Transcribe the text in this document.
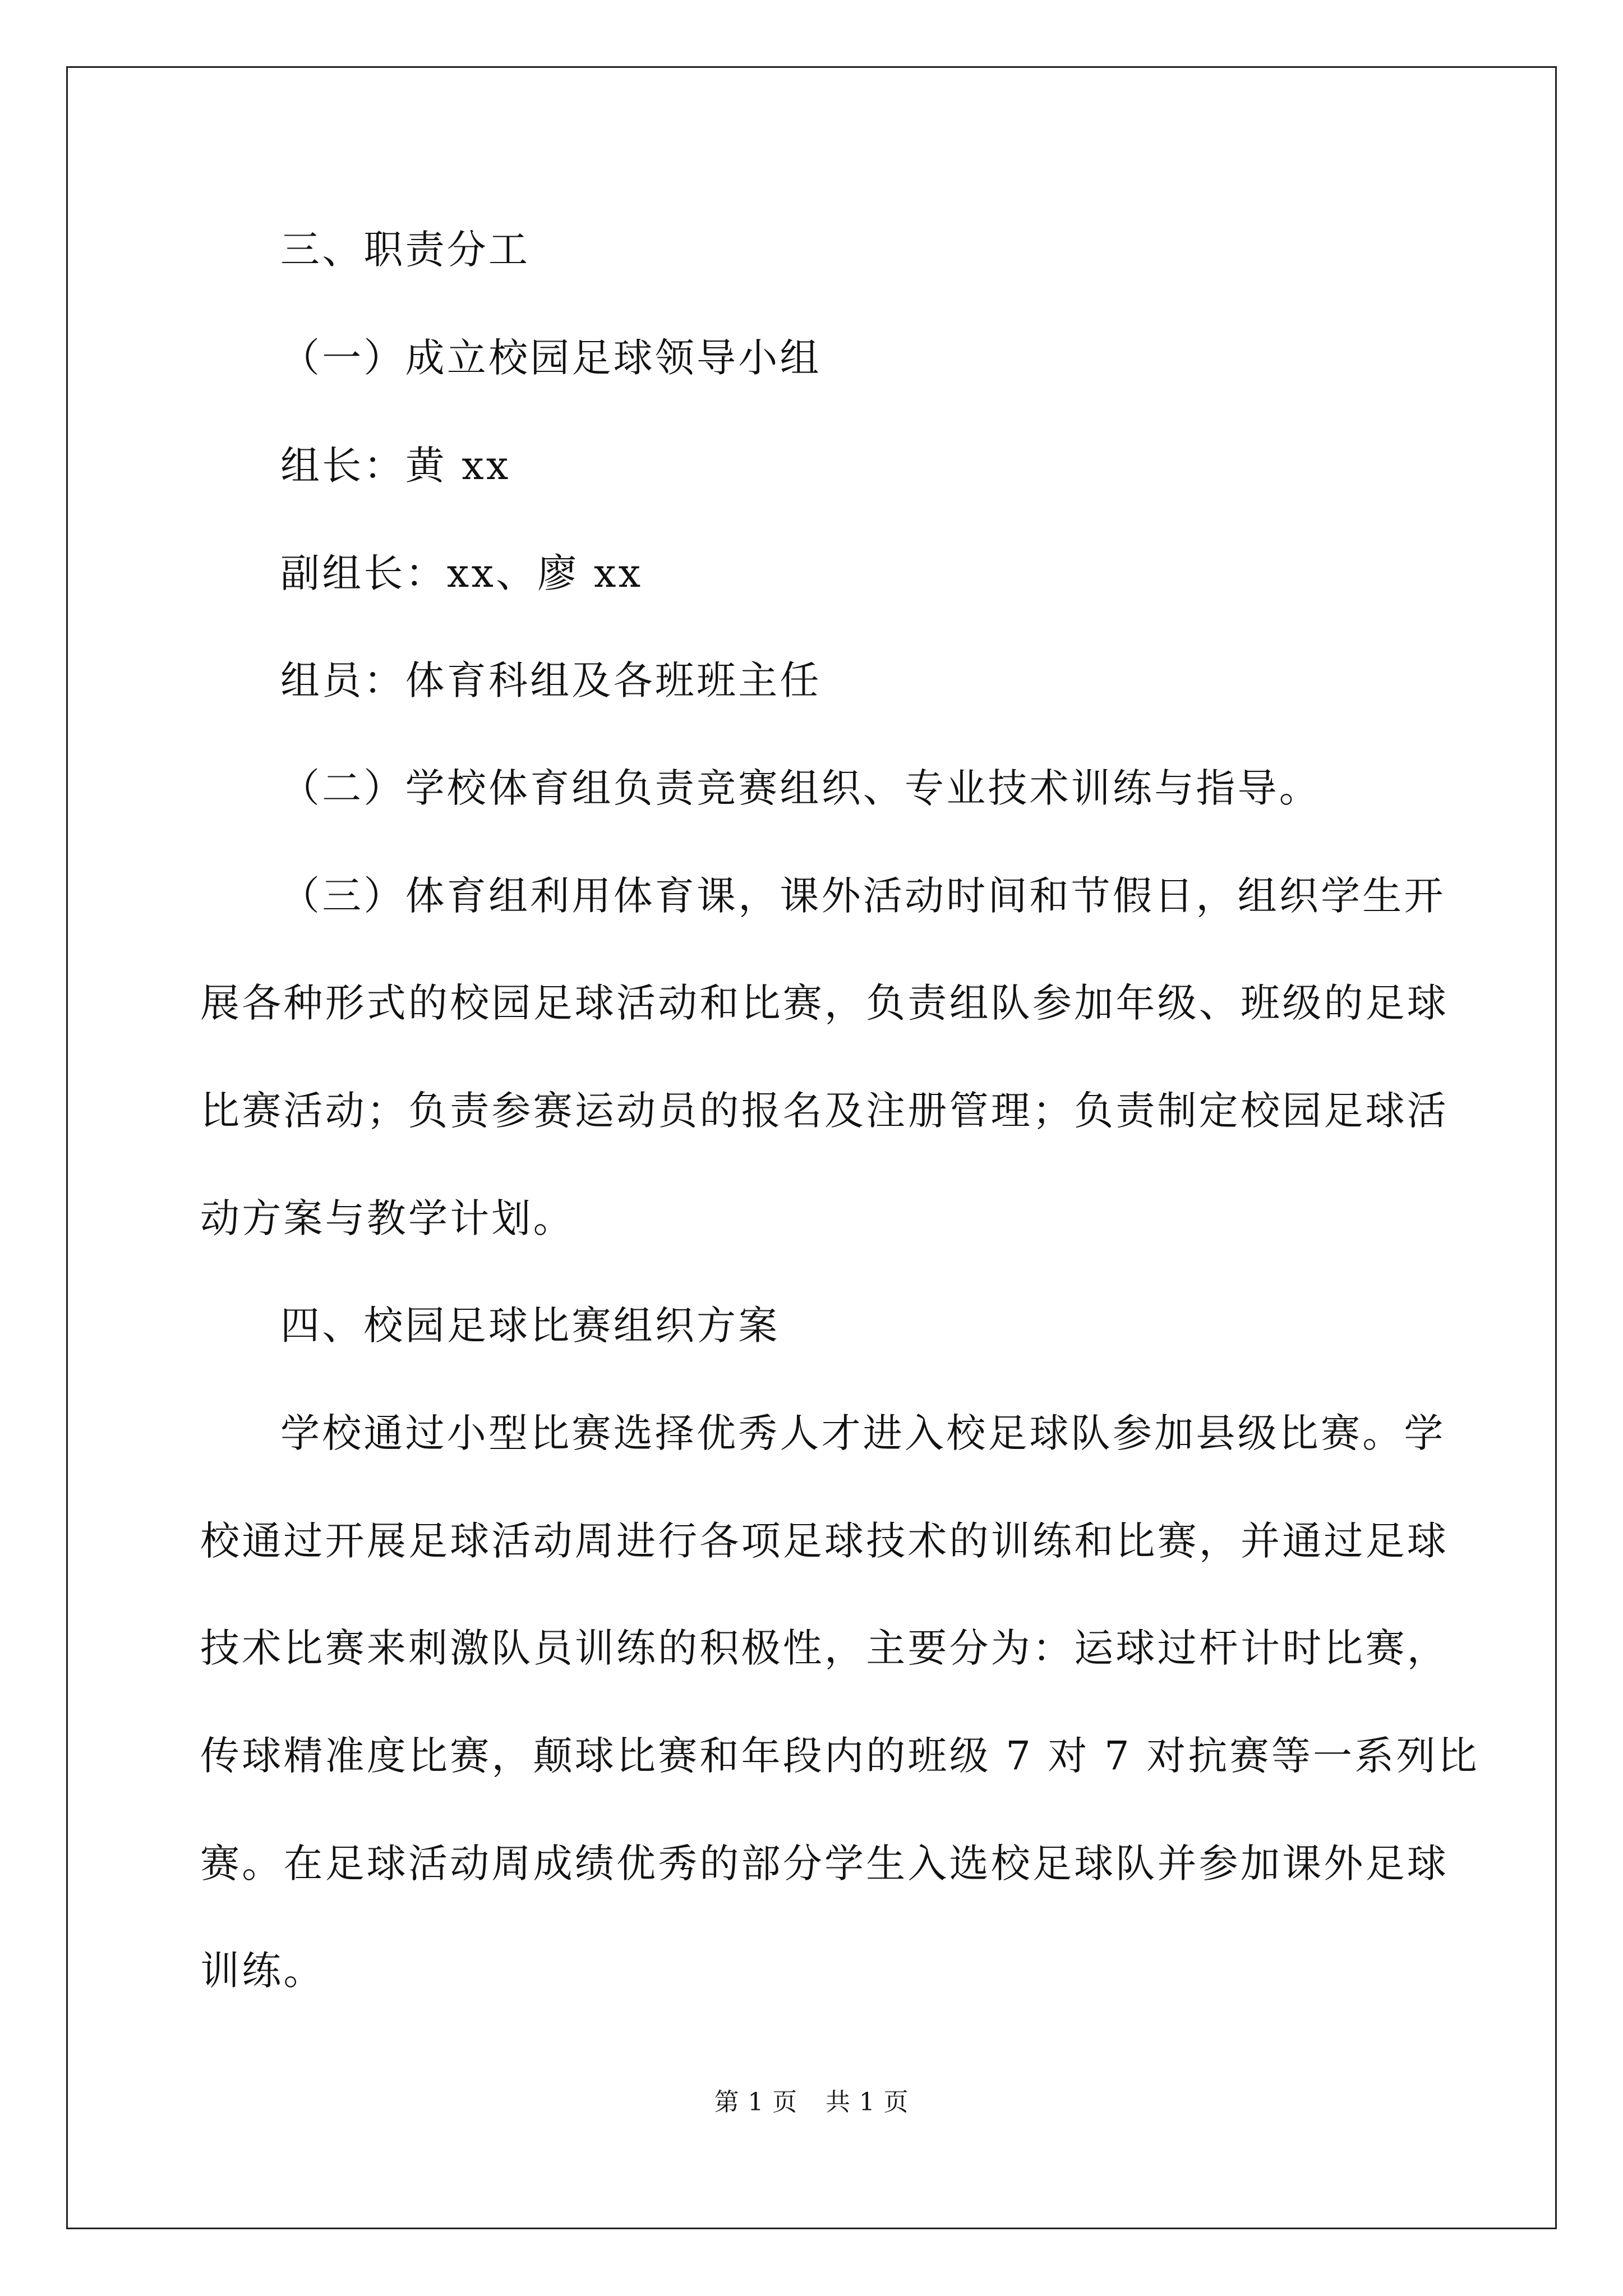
三、职责分工
（一）成立校园足球领导小组
组长：黄 xx
副组长：xx、廖 xx
组员：体育科组及各班班主任
（二）学校体育组负责竞赛组织、专业技术训练与指导。
（三）体育组利用体育课，课外活动时间和节假日，组织学生开
展各种形式的校园足球活动和比赛，负责组队参加年级、班级的足球
比赛活动；负责参赛运动员的报名及注册管理；负责制定校园足球活
动方案与教学计划。
四、校园足球比赛组织方案
学校通过小型比赛选择优秀人才进入校足球队参加县级比赛。学
校通过开展足球活动周进行各项足球技术的训练和比赛，并通过足球
技术比赛来刺激队员训练的积极性，主要分为：运球过杆计时比赛，
传球精准度比赛，颠球比赛和年段内的班级 7 对 7 对抗赛等一系列比
赛。在足球活动周成绩优秀的部分学生入选校足球队并参加课外足球
训练。
第 1 页 共 1 页
